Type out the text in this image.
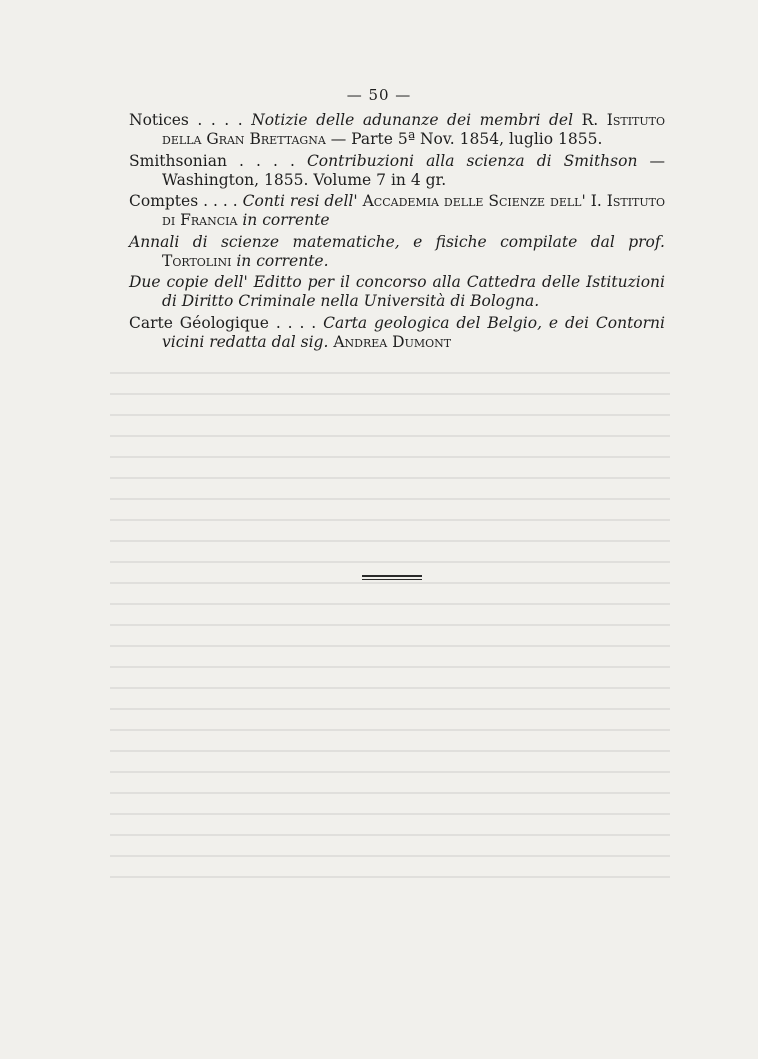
— 50 —

Notices . . . . Notizie delle adunanze dei membri del R. Istituto della Gran Brettagna — Parte 5ª Nov. 1854, luglio 1855.

Smithsonian . . . . Contribuzioni alla scienza di Smithson — Washington, 1855. Volume 7 in 4 gr.

Comptes . . . . Conti resi dell' Accademia delle Scienze dell' I. Istituto di Francia in corrente

Annali di scienze matematiche, e fisiche compilate dal prof. Tortolini in corrente.

Due copie dell' Editto per il concorso alla Cattedra delle Istituzioni di Diritto Criminale nella Università di Bologna.

Carte Géologique . . . . Carta geologica del Belgio, e dei Contorni vicini redatta dal sig. Andrea Dumont
